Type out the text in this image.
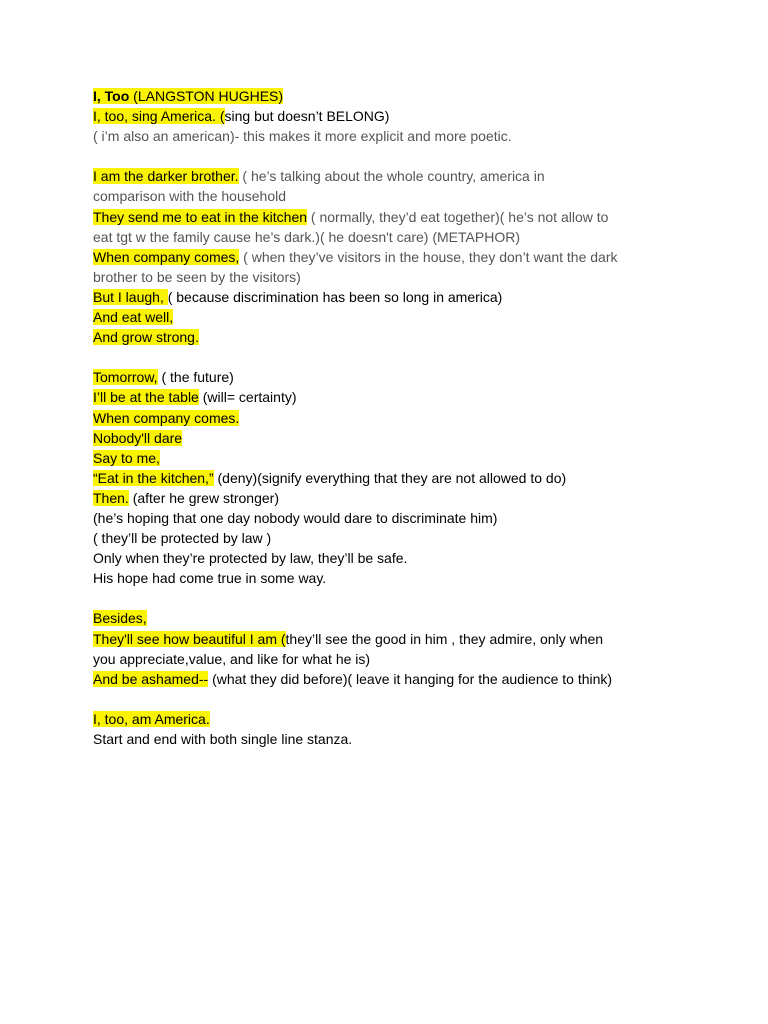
I, Too (LANGSTON HUGHES)
I, too, sing America. (sing but doesn’t BELONG)
( i’m also an american)- this makes it more explicit and more poetic.
I am the darker brother. ( he’s talking about the whole country, america in
comparison with the household
They send me to eat in the kitchen ( normally, they’d eat together)( he’s not allow to
eat tgt w the family cause he’s dark.)( he doesn't care) (METAPHOR)
When company comes, ( when they’ve visitors in the house, they don’t want the dark
brother to be seen by the visitors)
But I laugh, ( because discrimination has been so long in america)
And eat well,
And grow strong.
Tomorrow, ( the future)
I’ll be at the table (will= certainty)
When company comes.
Nobody'll dare
Say to me,
“Eat in the kitchen,” (deny)(signify everything that they are not allowed to do)
Then. (after he grew stronger)
(he’s hoping that one day nobody would dare to discriminate him)
( they’ll be protected by law )
Only when they’re protected by law, they’ll be safe.
His hope had come true in some way.
Besides,
They'll see how beautiful I am (they’ll see the good in him , they admire, only when
you appreciate,value, and like for what he is)
And be ashamed-- (what they did before)( leave it hanging for the audience to think)
I, too, am America.
Start and end with both single line stanza.
